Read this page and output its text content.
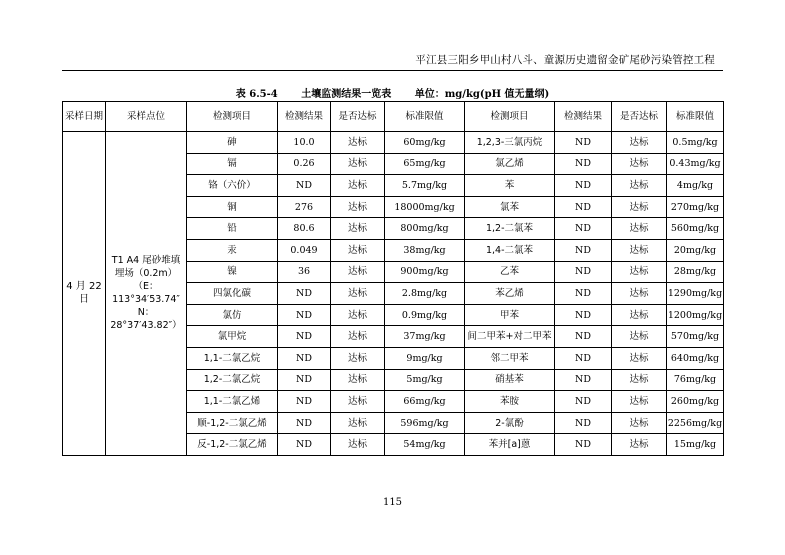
平江县三阳乡甲山村八斗、童源历史遗留金矿尾砂污染管控工程
表 6.5-4 土壤监测结果一览表 单位：mg/kg(pH 值无量纲)
采样日期	采样点位	检测项目	检测结果	是否达标	标准限值	检测项目	检测结果	是否达标	标准限值
4 月 22 日	T1 A4 尾砂堆填埋场（0.2m）
（E：113°34′53.74″
N：28°37′43.82″）	砷	10.0	达标	60mg/kg	1,2,3-三氯丙烷	ND	达标	0.5mg/kg
		镉	0.26	达标	65mg/kg	氯乙烯	ND	达标	0.43mg/kg
		铬（六价）	ND	达标	5.7mg/kg	苯	ND	达标	4mg/kg
		铜	276	达标	18000mg/kg	氯苯	ND	达标	270mg/kg
		铅	80.6	达标	800mg/kg	1,2-二氯苯	ND	达标	560mg/kg
		汞	0.049	达标	38mg/kg	1,4-二氯苯	ND	达标	20mg/kg
		镍	36	达标	900mg/kg	乙苯	ND	达标	28mg/kg
		四氯化碳	ND	达标	2.8mg/kg	苯乙烯	ND	达标	1290mg/kg
		氯仿	ND	达标	0.9mg/kg	甲苯	ND	达标	1200mg/kg
		氯甲烷	ND	达标	37mg/kg	间二甲苯+对二甲苯	ND	达标	570mg/kg
		1,1-二氯乙烷	ND	达标	9mg/kg	邻二甲苯	ND	达标	640mg/kg
		1,2-二氯乙烷	ND	达标	5mg/kg	硝基苯	ND	达标	76mg/kg
		1,1-二氯乙烯	ND	达标	66mg/kg	苯胺	ND	达标	260mg/kg
		顺-1,2-二氯乙烯	ND	达标	596mg/kg	2-氯酚	ND	达标	2256mg/kg
		反-1,2-二氯乙烯	ND	达标	54mg/kg	苯并[a]蒽	ND	达标	15mg/kg
115
